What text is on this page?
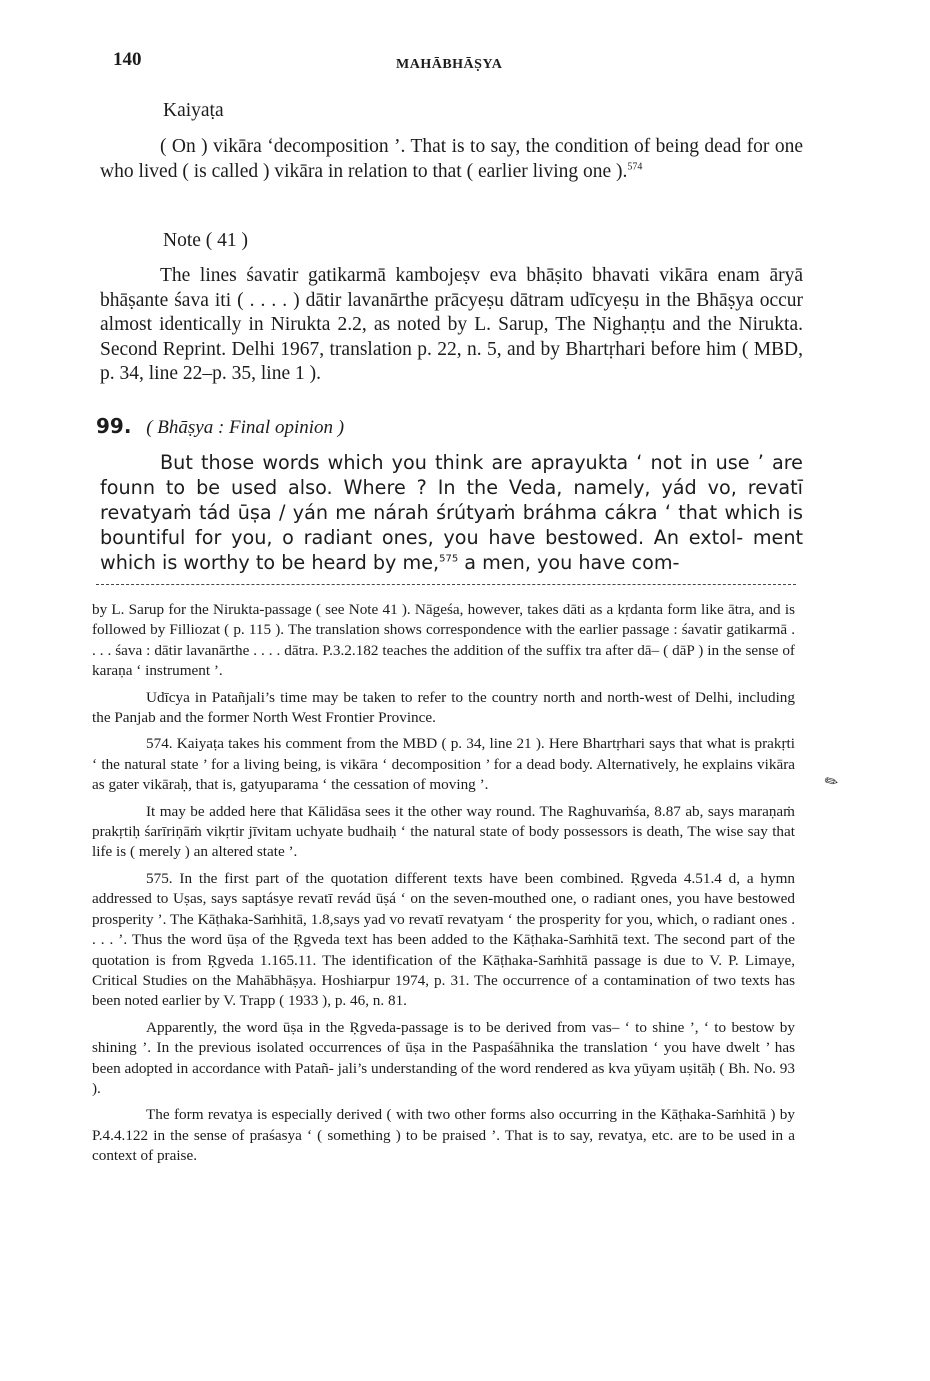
140	MAHĀBHĀṢYA
Kaiyaṭa

( On ) vikāra ‘decomposition ’. That is to say, the condition of being dead for one who lived ( is called ) vikāra in relation to that ( earlier living one ).$^{574}$

Note ( 41 )

The lines śavatir gatikarmā kambojeṣv eva bhāṣito bhavati vikāra enam āryā bhāṣante śava iti ( . . . . ) dātir lavanārthe prācyeṣu dātram udīcyeṣu in the Bhāṣya occur almost identically in Nirukta 2.2, as noted by L. Sarup, The Nighaṇṭu and the Nirukta. Second Reprint. Delhi 1967, translation p. 22, n. 5, and by Bhartṛhari before him ( MBD, p. 34, line 22–p. 35, line 1 ).

99. ( Bhāṣya : Final opinion )

But those words which you think are aprayukta ‘ not in use ’ are founn to be used also. Where ? In the Veda, namely, yád vo, revatī revatyaṁ tád ūṣa / yán me nárah śrútyaṁ bráhma cákra ‘ that which is bountiful for you, o radiant ones, you have bestowed. An extol- ment which is worthy to be heard by me,$^{575}$ a men, you have com-

by L. Sarup for the Nirukta-passage ( see Note 41 ). Nāgeśa, however, takes dāti as a kṛdanta form like ātra, and is followed by Filliozat ( p. 115 ). The translation shows correspondence with the earlier passage : śavatir gatikarmā . . . . śava : dātir lavanārthe . . . . dātra. P.3.2.182 teaches the addition of the suffix tra after dā– ( dāP ) in the sense of karaṇa ‘ instrument ’.

Udīcya in Patañjali’s time may be taken to refer to the country north and north-west of Delhi, including the Panjab and the former North West Frontier Province.

574. Kaiyaṭa takes his comment from the MBD ( p. 34, line 21 ). Here Bhartṛhari says that what is prakṛti ‘ the natural state ’ for a living being, is vikāra ‘ decomposition ’ for a dead body. Alternatively, he explains vikāra as gater vikāraḥ, that is, gatyuparama ‘ the cessation of moving ’.

It may be added here that Kālidāsa sees it the other way round. The Raghuvaṁśa, 8.87 ab, says maraṇaṁ prakṛtiḥ śarīriṇāṁ vikṛtir jīvitam uchyate budhaiḥ ‘ the natural state of body possessors is death, The wise say that life is ( merely ) an altered state ’.

575. In the first part of the quotation different texts have been combined. Ṛgveda 4.51.4 d, a hymn addressed to Uṣas, says saptásye revatī revád ūṣá ‘ on the seven-mouthed one, o radiant ones, you have bestowed prosperity ’. The Kāṭhaka-Saṁhitā, 1.8,says yad vo revatī revatyam ‘ the prosperity for you, which, o radiant ones . . . . ’. Thus the word ūṣa of the Ṛgveda text has been added to the Kāṭhaka-Saṁhitā text. The second part of the quotation is from Ṛgveda 1.165.11. The identification of the Kāṭhaka-Saṁhitā passage is due to V. P. Limaye, Critical Studies on the Mahābhāṣya. Hoshiarpur 1974, p. 31. The occurrence of a contamination of two texts has been noted earlier by V. Trapp ( 1933 ), p. 46, n. 81.

Apparently, the word ūṣa in the Ṛgveda-passage is to be derived from vas– ‘ to shine ’, ‘ to bestow by shining ’. In the previous isolated occurrences of ūṣa in the Paspaśāhnika the translation ‘ you have dwelt ’ has been adopted in accordance with Patañ- jali’s understanding of the word rendered as kva yūyam uṣitāḥ ( Bh. No. 93 ).

The form revatya is especially derived ( with two other forms also occurring in the Kāṭhaka-Saṁhitā ) by P.4.4.122 in the sense of praśasya ‘ ( something ) to be praised ’. That is to say, revatya, etc. are to be used in a context of praise.

✎
